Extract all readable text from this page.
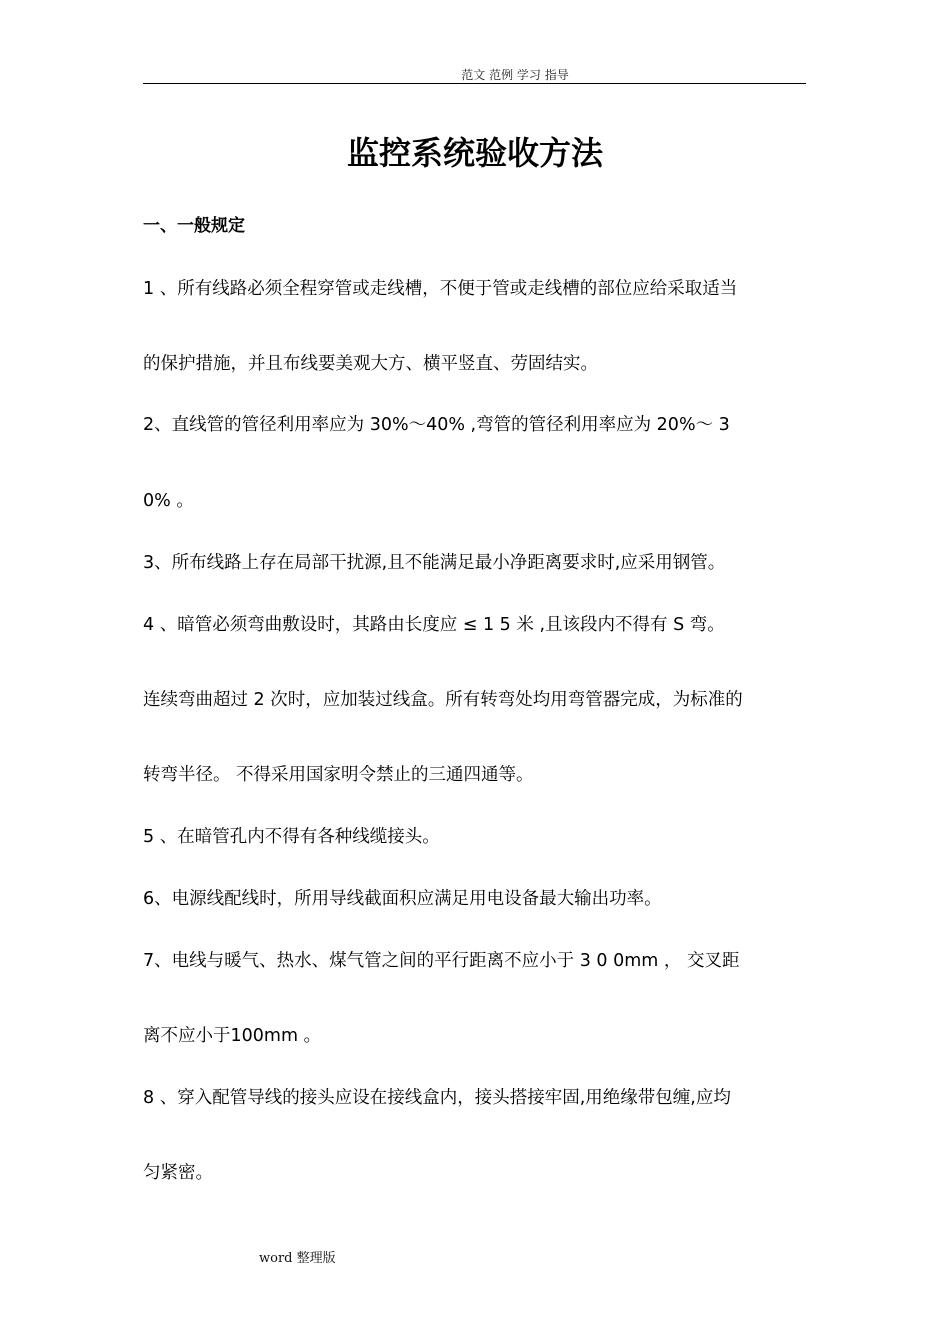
范文 范例 学习 指导
监控系统验收方法
一、一般规定
1 、所有线路必须全程穿管或走线槽，不便于管或走线槽的部位应给采取适当
的保护措施，并且布线要美观大方、横平竖直、劳固结实。
2、直线管的管径利用率应为 30%～40% ,弯管的管径利用率应为 20%～ 3
0% 。
3、所布线路上存在局部干扰源,且不能满足最小净距离要求时,应采用钢管。
4 、暗管必须弯曲敷设时，其路由长度应 ≤ 1 5 米 ,且该段内不得有 S 弯。
连续弯曲超过 2 次时，应加装过线盒。所有转弯处均用弯管器完成，为标准的
转弯半径。 不得采用国家明令禁止的三通四通等。
5 、在暗管孔内不得有各种线缆接头。
6、电源线配线时，所用导线截面积应满足用电设备最大输出功率。
7、电线与暖气、热水、煤气管之间的平行距离不应小于 3 0 0mm ， 交叉距
离不应小于100mm 。
8 、穿入配管导线的接头应设在接线盒内，接头搭接牢固,用绝缘带包缠,应均
匀紧密。
word 整理版
